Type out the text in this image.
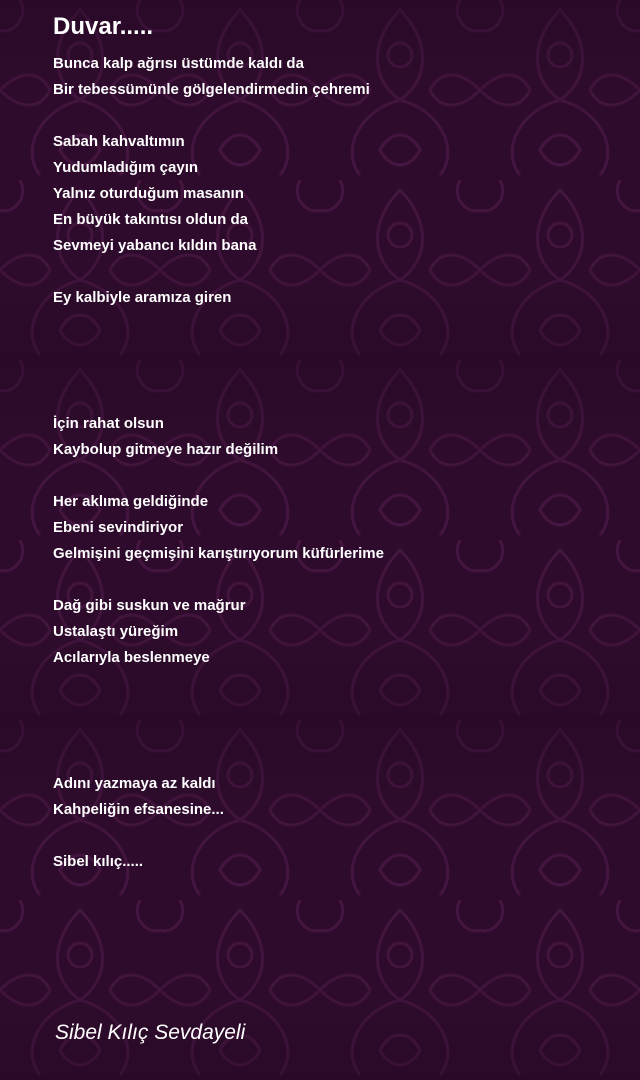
Duvar.....

Bunca kalp ağrısı üstümde kaldı da

Bir tebessümünle gölgelendirmedin çehremi

Sabah kahvaltımın

Yudumladığım çayın

Yalnız oturduğum masanın

En büyük takıntısı oldun da

Sevmeyi yabancı kıldın bana

Ey kalbiyle aramıza giren

İçin rahat olsun

Kaybolup gitmeye hazır değilim

Her aklıma geldiğinde

Ebeni sevindiriyor

Gelmişini geçmişini karıştırıyorum küfürlerime

Dağ gibi suskun ve mağrur

Ustalaştı yüreğim

Acılarıyla beslenmeye

Adını yazmaya az kaldı

Kahpeliğin efsanesine...

Sibel kılıç.....

Sibel Kılıç Sevdayeli
